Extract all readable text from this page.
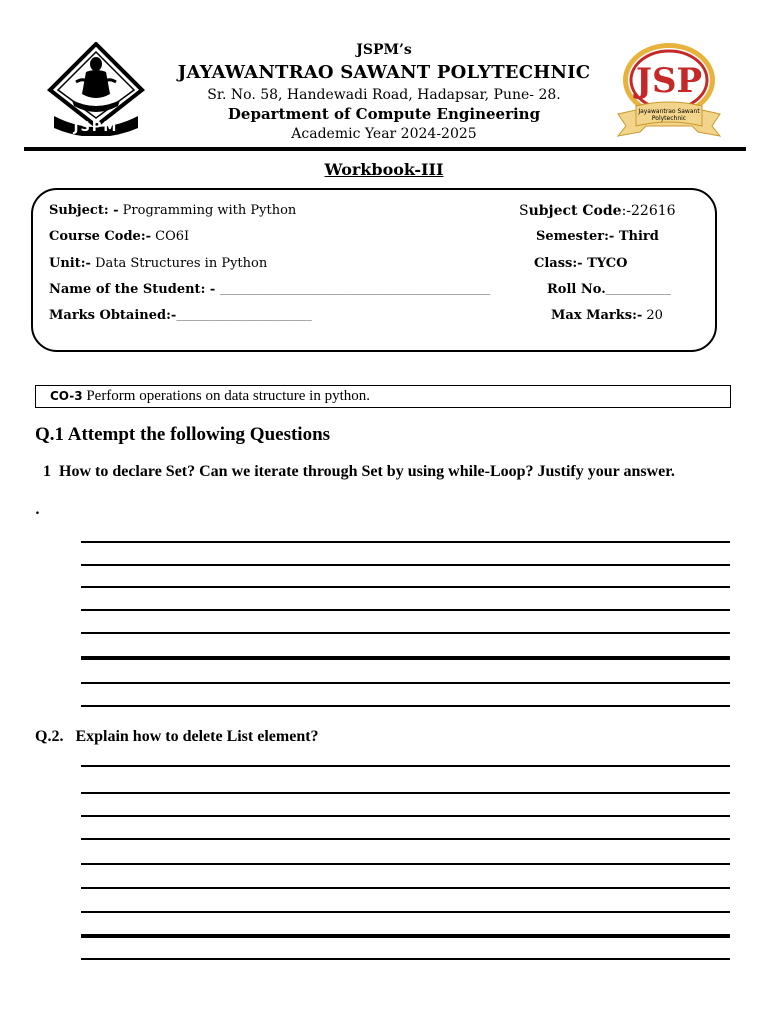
JSPM
JSP
Jayawantrao Sawant
Polytechnic
JSPM’s
JAYAWANTRAO SAWANT POLYTECHNIC
Sr. No. 58, Handewadi Road, Hadapsar, Pune- 28.
Department of Compute Engineering
Academic Year 2024-2025
Workbook-III
Subject: - Programming with Python	Subject Code:-22616
Course Code:- CO6I	Semester:- Third
Unit:- Data Structures in Python	Class:- TYCO
Name of the Student: - __________________________________________________	Roll No.____________
Marks Obtained:-_________________________	Max Marks:- 20
CO-3 Perform operations on data structure in python.
Q.1 Attempt the following Questions
1  How to declare Set? Can we iterate through Set by using while-Loop? Justify your answer.
.
Q.2.   Explain how to delete List element?
